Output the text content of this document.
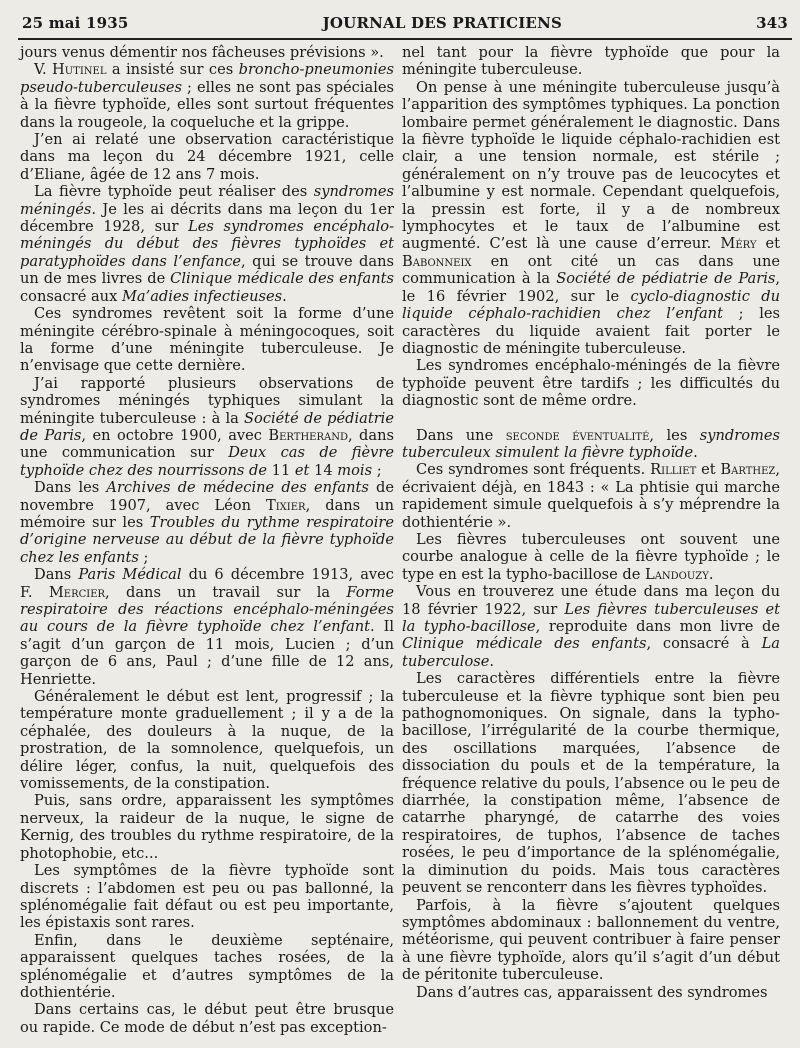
25 mai 1935	JOURNAL DES PRATICIENS	343

jours venus démentir nos fâcheuses prévisions ».

V. Hutinel a insisté sur ces broncho-pneumonies pseudo-tuberculeuses ; elles ne sont pas spéciales à la fièvre typhoïde, elles sont surtout fréquentes dans la rougeole, la coqueluche et la grippe.

J’en ai relaté une observation caractéristique dans ma leçon du 24 décembre 1921, celle d’Eliane, âgée de 12 ans 7 mois.

La fièvre typhoïde peut réaliser des syndromes méningés. Je les ai décrits dans ma leçon du 1er décembre 1928, sur Les syndromes encéphalo-méningés du début des fièvres typhoïdes et paratyphoïdes dans l’enfance, qui se trouve dans un de mes livres de Clinique médicale des enfants consacré aux Ma’adies infectieuses.

Ces syndromes revêtent soit la forme d’une méningite cérébro-spinale à méningocoques, soit la forme d’une méningite tuberculeuse. Je n’envisage que cette dernière.

J’ai rapporté plusieurs observations de syndromes méningés typhiques simulant la méningite tuberculeuse : à la Société de pédiatrie de Paris, en octobre 1900, avec Bertherand, dans une communication sur Deux cas de fièvre typhoïde chez des nourrissons de 11 et 14 mois ;

Dans les Archives de médecine des enfants de novembre 1907, avec Léon Tixier, dans un mémoire sur les Troubles du rythme respiratoire d’origine nerveuse au début de la fièvre typhoïde chez les enfants ;

Dans Paris Médical du 6 décembre 1913, avec F. Mercier, dans un travail sur la Forme respiratoire des réactions encéphalo-méningées au cours de la fièvre typhoïde chez l’enfant. Il s’agit d’un garçon de 11 mois, Lucien ; d’un garçon de 6 ans, Paul ; d’une fille de 12 ans, Henriette.

Généralement le début est lent, progressif ; la température monte graduellement ; il y a de la céphalée, des douleurs à la nuque, de la prostration, de la somnolence, quelquefois, un délire léger, confus, la nuit, quelquefois des vomissements, de la constipation.

Puis, sans ordre, apparaissent les symptômes nerveux, la raideur de la nuque, le signe de Kernig, des troubles du rythme respiratoire, de la photophobie, etc...

Les symptômes de la fièvre typhoïde sont discrets : l’abdomen est peu ou pas ballonné, la splénomégalie fait défaut ou est peu importante, les épistaxis sont rares.

Enfin, dans le deuxième septénaire, apparaissent quelques taches rosées, de la splénomégalie et d’autres symptômes de la dothientérie.

Dans certains cas, le début peut être brusque ou rapide. Ce mode de début n’est pas exception-

nel tant pour la fièvre typhoïde que pour la méningite tuberculeuse.

On pense à une méningite tuberculeuse jusqu’à l’apparition des symptômes typhiques. La ponction lombaire permet généralement le diagnostic. Dans la fièvre typhoïde le liquide céphalo-rachidien est clair, a une tension normale, est stérile ; généralement on n’y trouve pas de leucocytes et l’albumine y est normale. Cependant quelquefois, la pressin est forte, il y a de nombreux lymphocytes et le taux de l’albumine est augmenté. C’est là une cause d’erreur. Méry et Babonneix en ont cité un cas dans une communication à la Société de pédiatrie de Paris, le 16 février 1902, sur le cyclo-diagnostic du liquide céphalo-rachidien chez l’enfant ; les caractères du liquide avaient fait porter le diagnostic de méningite tuberculeuse.

Les syndromes encéphalo-méningés de la fièvre typhoïde peuvent être tardifs ; les difficultés du diagnostic sont de même ordre.

Dans une seconde éventualité, les syndromes tuberculeux simulent la fièvre typhoïde.

Ces syndromes sont fréquents. Rilliet et Barthez, écrivaient déjà, en 1843 : « La phtisie qui marche rapidement simule quelquefois à s’y méprendre la dothientérie ».

Les fièvres tuberculeuses ont souvent une courbe analogue à celle de la fièvre typhoïde ; le type en est la typho-bacillose de Landouzy.

Vous en trouverez une étude dans ma leçon du 18 février 1922, sur Les fièvres tuberculeuses et la typho-bacillose, reproduite dans mon livre de Clinique médicale des enfants, consacré à La tuberculose.

Les caractères différentiels entre la fièvre tuberculeuse et la fièvre typhique sont bien peu pathognomoniques. On signale, dans la typho-bacillose, l’irrégularité de la courbe thermique, des oscillations marquées, l’absence de dissociation du pouls et de la température, la fréquence relative du pouls, l’absence ou le peu de diarrhée, la constipation même, l’absence de catarrhe pharyngé, de catarrhe des voies respiratoires, de tuphos, l’absence de taches rosées, le peu d’importance de la splénomégalie, la diminution du poids. Mais tous caractères peuvent se renconterr dans les fièvres typhoïdes.

Parfois, à la fièvre s’ajoutent quelques symptômes abdominaux : ballonnement du ventre, météorisme, qui peuvent contribuer à faire penser à une fièvre typhoïde, alors qu’il s’agit d’un début de péritonite tuberculeuse.

Dans d’autres cas, apparaissent des syndromes
